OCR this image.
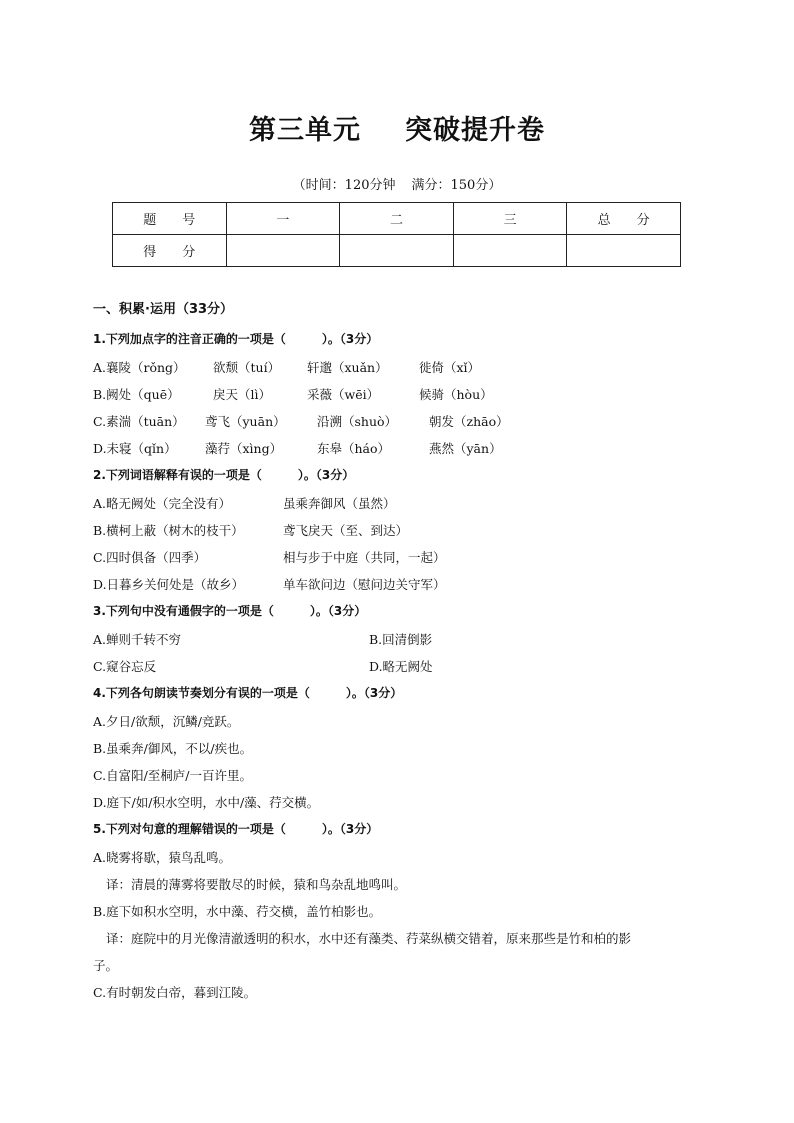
第三单元 突破提升卷
（时间：120分钟 满分：150分）
题　　号	一	二	三	总　　分
得　　分				
一、积累·运用（33分）
1.下列加点字的注音正确的一项是（　　　）。（3分）
A.襄陵（rǒng） 欲颓（tuí） 轩邈（xuǎn）	徙倚（xǐ）
B.阙处（quē）	戾天（lì）	采薇（wēi）	候骑（hòu）
C.素湍（tuān） 鸢飞（yuān）	沿溯（shuò）	朝发（zhāo）
D.未寝（qǐn） 藻荇（xìng）	东皋（háo）	燕然（yān）
2.下列词语解释有误的一项是（　　　）。（3分）
A.略无阙处（完全没有）	虽乘奔御风（虽然）
B.横柯上蔽（树木的枝干）	鸢飞戾天（至、到达）
C.四时俱备（四季）	相与步于中庭（共同，一起）
D.日暮乡关何处是（故乡）	单车欲问边（慰问边关守军）
3.下列句中没有通假字的一项是（　　　）。（3分）
A.蝉则千转不穷	B.回清倒影
C.窥谷忘反	D.略无阙处
4.下列各句朗读节奏划分有误的一项是（　　　）。（3分）
A.夕日/欲颓，沉鳞/竞跃。
B.虽乘奔/御风，不以/疾也。
C.自富阳/至桐庐/一百许里。
D.庭下/如/积水空明，水中/藻、荇交横。
5.下列对句意的理解错误的一项是（　　　）。（3分）
A.晓雾将歇，猿鸟乱鸣。
译：清晨的薄雾将要散尽的时候，猿和鸟杂乱地鸣叫。
B.庭下如积水空明，水中藻、荇交横，盖竹柏影也。
译：庭院中的月光像清澈透明的积水，水中还有藻类、荇菜纵横交错着，原来那些是竹和柏的影
子。
C.有时朝发白帝，暮到江陵。
